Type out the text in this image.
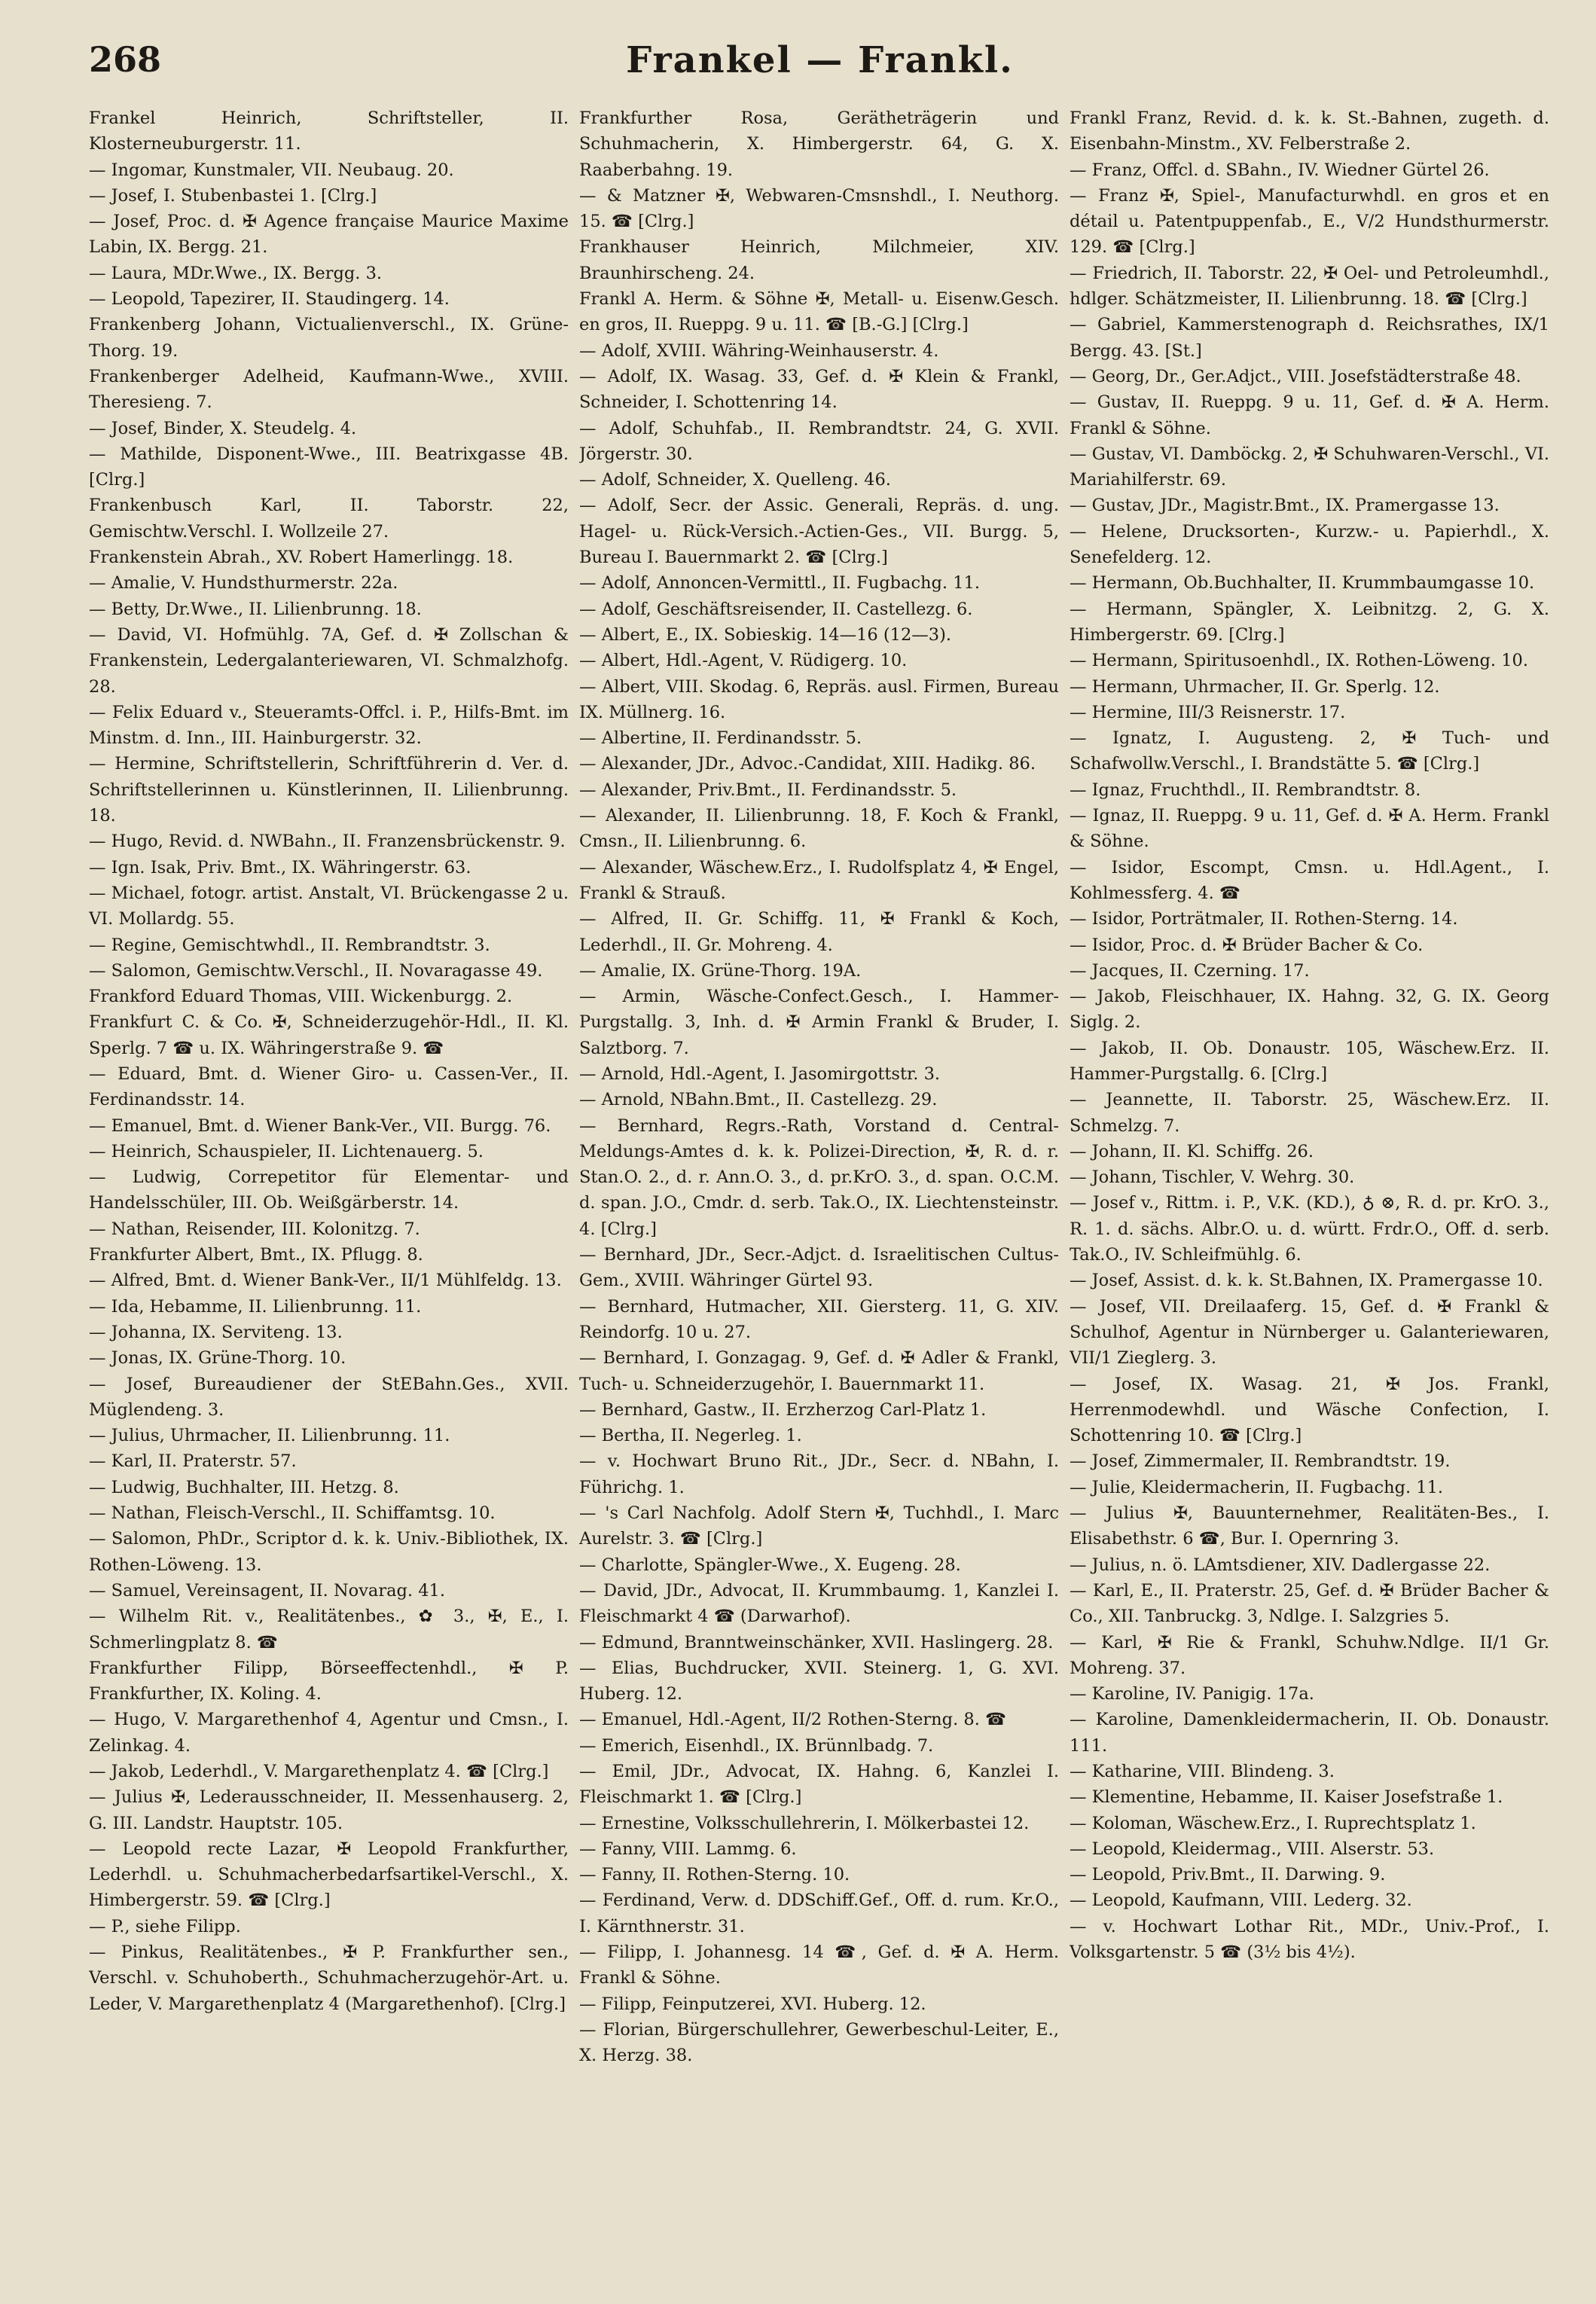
268	Frankel — Frankl.
Frankel Heinrich, Schriftsteller, II. Klosterneuburgerstr. 11.
— Ingomar, Kunstmaler, VII. Neubaug. 20.
— Josef, I. Stubenbastei 1. [Clrg.]
— Josef, Proc. d. ✠ Agence française Maurice Maxime Labin, IX. Bergg. 21.
— Laura, MDr.Wwe., IX. Bergg. 3.
— Leopold, Tapezirer, II. Staudingerg. 14.
Frankenberg Johann, Victualienverschl., IX. Grüne-Thorg. 19.
Frankenberger Adelheid, Kaufmann-Wwe., XVIII. Theresieng. 7.
— Josef, Binder, X. Steudelg. 4.
— Mathilde, Disponent-Wwe., III. Beatrixgasse 4B. [Clrg.]
Frankenbusch Karl, II. Taborstr. 22, Gemischtw.Verschl. I. Wollzeile 27.
Frankenstein Abrah., XV. Robert Hamerlingg. 18.
— Amalie, V. Hundsthurmerstr. 22a.
— Betty, Dr.Wwe., II. Lilienbrunng. 18.
— David, VI. Hofmühlg. 7A, Gef. d. ✠ Zollschan & Frankenstein, Ledergalanteriewaren, VI. Schmalzhofg. 28.
— Felix Eduard v., Steueramts-Offcl. i. P., Hilfs-Bmt. im Minstm. d. Inn., III. Hainburgerstr. 32.
— Hermine, Schriftstellerin, Schriftführerin d. Ver. d. Schriftstellerinnen u. Künstlerinnen, II. Lilienbrunng. 18.
— Hugo, Revid. d. NWBahn., II. Franzensbrückenstr. 9.
— Ign. Isak, Priv. Bmt., IX. Währingerstr. 63.
— Michael, fotogr. artist. Anstalt, VI. Brückengasse 2 u. VI. Mollardg. 55.
— Regine, Gemischtwhdl., II. Rembrandtstr. 3.
— Salomon, Gemischtw.Verschl., II. Novaragasse 49.
Frankford Eduard Thomas, VIII. Wickenburgg. 2.
Frankfurt C. & Co. ✠, Schneiderzugehör-Hdl., II. Kl. Sperlg. 7 ☎ u. IX. Währingerstraße 9. ☎
— Eduard, Bmt. d. Wiener Giro- u. Cassen-Ver., II. Ferdinandsstr. 14.
— Emanuel, Bmt. d. Wiener Bank-Ver., VII. Burgg. 76.
— Heinrich, Schauspieler, II. Lichtenauerg. 5.
— Ludwig, Correpetitor für Elementar- und Handelsschüler, III. Ob. Weißgärberstr. 14.
— Nathan, Reisender, III. Kolonitzg. 7.
Frankfurter Albert, Bmt., IX. Pflugg. 8.
— Alfred, Bmt. d. Wiener Bank-Ver., II/1 Mühlfeldg. 13.
— Ida, Hebamme, II. Lilienbrunng. 11.
— Johanna, IX. Serviteng. 13.
— Jonas, IX. Grüne-Thorg. 10.
— Josef, Bureaudiener der StEBahn.Ges., XVII. Müglendeng. 3.
— Julius, Uhrmacher, II. Lilienbrunng. 11.
— Karl, II. Praterstr. 57.
— Ludwig, Buchhalter, III. Hetzg. 8.
— Nathan, Fleisch-Verschl., II. Schiffamtsg. 10.
— Salomon, PhDr., Scriptor d. k. k. Univ.-Bibliothek, IX. Rothen-Löweng. 13.
— Samuel, Vereinsagent, II. Novarag. 41.
— Wilhelm Rit. v., Realitätenbes., ✿ 3., ✠, E., I. Schmerlingplatz 8. ☎
Frankfurther Filipp, Börseeffectenhdl., ✠ P. Frankfurther, IX. Koling. 4.
— Hugo, V. Margarethenhof 4, Agentur und Cmsn., I. Zelinkag. 4.
— Jakob, Lederhdl., V. Margarethenplatz 4. ☎ [Clrg.]
— Julius ✠, Lederausschneider, II. Messenhauserg. 2, G. III. Landstr. Hauptstr. 105.
— Leopold recte Lazar, ✠ Leopold Frankfurther, Lederhdl. u. Schuhmacherbedarfsartikel-Verschl., X. Himbergerstr. 59. ☎ [Clrg.]
— P., siehe Filipp.
— Pinkus, Realitätenbes., ✠ P. Frankfurther sen., Verschl. v. Schuhoberth., Schuhmacherzugehör-Art. u. Leder, V. Margarethenplatz 4 (Margarethenhof). [Clrg.]
Frankfurther Rosa, Gerätheträgerin und Schuhmacherin, X. Himbergerstr. 64, G. X. Raaberbahng. 19.
— & Matzner ✠, Webwaren-Cmsnshdl., I. Neuthorg. 15. ☎ [Clrg.]
Frankhauser Heinrich, Milchmeier, XIV. Braunhirscheng. 24.
Frankl A. Herm. & Söhne ✠, Metall- u. Eisenw.Gesch. en gros, II. Rueppg. 9 u. 11. ☎ [B.-G.] [Clrg.]
— Adolf, XVIII. Währing-Weinhauserstr. 4.
— Adolf, IX. Wasag. 33, Gef. d. ✠ Klein & Frankl, Schneider, I. Schottenring 14.
— Adolf, Schuhfab., II. Rembrandtstr. 24, G. XVII. Jörgerstr. 30.
— Adolf, Schneider, X. Quelleng. 46.
— Adolf, Secr. der Assic. Generali, Repräs. d. ung. Hagel- u. Rück-Versich.-Actien-Ges., VII. Burgg. 5, Bureau I. Bauernmarkt 2. ☎ [Clrg.]
— Adolf, Annoncen-Vermittl., II. Fugbachg. 11.
— Adolf, Geschäftsreisender, II. Castellezg. 6.
— Albert, E., IX. Sobieskig. 14—16 (12—3).
— Albert, Hdl.-Agent, V. Rüdigerg. 10.
— Albert, VIII. Skodag. 6, Repräs. ausl. Firmen, Bureau IX. Müllnerg. 16.
— Albertine, II. Ferdinandsstr. 5.
— Alexander, JDr., Advoc.-Candidat, XIII. Hadikg. 86.
— Alexander, Priv.Bmt., II. Ferdinandsstr. 5.
— Alexander, II. Lilienbrunng. 18, F. Koch & Frankl, Cmsn., II. Lilienbrunng. 6.
— Alexander, Wäschew.Erz., I. Rudolfsplatz 4, ✠ Engel, Frankl & Strauß.
— Alfred, II. Gr. Schiffg. 11, ✠ Frankl & Koch, Lederhdl., II. Gr. Mohreng. 4.
— Amalie, IX. Grüne-Thorg. 19A.
— Armin, Wäsche-Confect.Gesch., I. Hammer-Purgstallg. 3, Inh. d. ✠ Armin Frankl & Bruder, I. Salztborg. 7.
— Arnold, Hdl.-Agent, I. Jasomirgottstr. 3.
— Arnold, NBahn.Bmt., II. Castellezg. 29.
— Bernhard, Regrs.-Rath, Vorstand d. Central-Meldungs-Amtes d. k. k. Polizei-Direction, ✠, R. d. r. Stan.O. 2., d. r. Ann.O. 3., d. pr.KrO. 3., d. span. O.C.M. d. span. J.O., Cmdr. d. serb. Tak.O., IX. Liechtensteinstr. 4. [Clrg.]
— Bernhard, JDr., Secr.-Adjct. d. Israelitischen Cultus-Gem., XVIII. Währinger Gürtel 93.
— Bernhard, Hutmacher, XII. Giersterg. 11, G. XIV. Reindorfg. 10 u. 27.
— Bernhard, I. Gonzagag. 9, Gef. d. ✠ Adler & Frankl, Tuch- u. Schneiderzugehör, I. Bauernmarkt 11.
— Bernhard, Gastw., II. Erzherzog Carl-Platz 1.
— Bertha, II. Negerleg. 1.
— v. Hochwart Bruno Rit., JDr., Secr. d. NBahn, I. Führichg. 1.
— 's Carl Nachfolg. Adolf Stern ✠, Tuchhdl., I. Marc Aurelstr. 3. ☎ [Clrg.]
— Charlotte, Spängler-Wwe., X. Eugeng. 28.
— David, JDr., Advocat, II. Krummbaumg. 1, Kanzlei I. Fleischmarkt 4 ☎ (Darwarhof).
— Edmund, Branntweinschänker, XVII. Haslingerg. 28.
— Elias, Buchdrucker, XVII. Steinerg. 1, G. XVI. Huberg. 12.
— Emanuel, Hdl.-Agent, II/2 Rothen-Sterng. 8. ☎
— Emerich, Eisenhdl., IX. Brünnlbadg. 7.
— Emil, JDr., Advocat, IX. Hahng. 6, Kanzlei I. Fleischmarkt 1. ☎ [Clrg.]
— Ernestine, Volksschullehrerin, I. Mölkerbastei 12.
— Fanny, VIII. Lammg. 6.
— Fanny, II. Rothen-Sterng. 10.
— Ferdinand, Verw. d. DDSchiff.Gef., Off. d. rum. Kr.O., I. Kärnthnerstr. 31.
— Filipp, I. Johannesg. 14 ☎, Gef. d. ✠ A. Herm. Frankl & Söhne.
— Filipp, Feinputzerei, XVI. Huberg. 12.
— Florian, Bürgerschullehrer, Gewerbeschul-Leiter, E., X. Herzg. 38.
Frankl Franz, Revid. d. k. k. St.-Bahnen, zugeth. d. Eisenbahn-Minstm., XV. Felberstraße 2.
— Franz, Offcl. d. SBahn., IV. Wiedner Gürtel 26.
— Franz ✠, Spiel-, Manufacturwhdl. en gros et en détail u. Patentpuppenfab., E., V/2 Hundsthurmerstr. 129. ☎ [Clrg.]
— Friedrich, II. Taborstr. 22, ✠ Oel- und Petroleumhdl., hdlger. Schätzmeister, II. Lilienbrunng. 18. ☎ [Clrg.]
— Gabriel, Kammerstenograph d. Reichsrathes, IX/1 Bergg. 43. [St.]
— Georg, Dr., Ger.Adjct., VIII. Josefstädterstraße 48.
— Gustav, II. Rueppg. 9 u. 11, Gef. d. ✠ A. Herm. Frankl & Söhne.
— Gustav, VI. Damböckg. 2, ✠ Schuhwaren-Verschl., VI. Mariahilferstr. 69.
— Gustav, JDr., Magistr.Bmt., IX. Pramergasse 13.
— Helene, Drucksorten-, Kurzw.- u. Papierhdl., X. Senefelderg. 12.
— Hermann, Ob.Buchhalter, II. Krummbaumgasse 10.
— Hermann, Spängler, X. Leibnitzg. 2, G. X. Himbergerstr. 69. [Clrg.]
— Hermann, Spiritusoenhdl., IX. Rothen-Löweng. 10.
— Hermann, Uhrmacher, II. Gr. Sperlg. 12.
— Hermine, III/3 Reisnerstr. 17.
— Ignatz, I. Augusteng. 2, ✠ Tuch- und Schafwollw.Verschl., I. Brandstätte 5. ☎ [Clrg.]
— Ignaz, Fruchthdl., II. Rembrandtstr. 8.
— Ignaz, II. Rueppg. 9 u. 11, Gef. d. ✠ A. Herm. Frankl & Söhne.
— Isidor, Escompt, Cmsn. u. Hdl.Agent., I. Kohlmessferg. 4. ☎
— Isidor, Porträtmaler, II. Rothen-Sterng. 14.
— Isidor, Proc. d. ✠ Brüder Bacher & Co.
— Jacques, II. Czerning. 17.
— Jakob, Fleischhauer, IX. Hahng. 32, G. IX. Georg Siglg. 2.
— Jakob, II. Ob. Donaustr. 105, Wäschew.Erz. II. Hammer-Purgstallg. 6. [Clrg.]
— Jeannette, II. Taborstr. 25, Wäschew.Erz. II. Schmelzg. 7.
— Johann, II. Kl. Schiffg. 26.
— Johann, Tischler, V. Wehrg. 30.
— Josef v., Rittm. i. P., V.K. (KD.), ♁ ⊗, R. d. pr. KrO. 3., R. 1. d. sächs. Albr.O. u. d. württ. Frdr.O., Off. d. serb. Tak.O., IV. Schleifmühlg. 6.
— Josef, Assist. d. k. k. St.Bahnen, IX. Pramergasse 10.
— Josef, VII. Dreilaaferg. 15, Gef. d. ✠ Frankl & Schulhof, Agentur in Nürnberger u. Galanteriewaren, VII/1 Zieglerg. 3.
— Josef, IX. Wasag. 21, ✠ Jos. Frankl, Herrenmodewhdl. und Wäsche Confection, I. Schottenring 10. ☎ [Clrg.]
— Josef, Zimmermaler, II. Rembrandtstr. 19.
— Julie, Kleidermacherin, II. Fugbachg. 11.
— Julius ✠, Bauunternehmer, Realitäten-Bes., I. Elisabethstr. 6 ☎, Bur. I. Opernring 3.
— Julius, n. ö. LAmtsdiener, XIV. Dadlergasse 22.
— Karl, E., II. Praterstr. 25, Gef. d. ✠ Brüder Bacher & Co., XII. Tanbruckg. 3, Ndlge. I. Salzgries 5.
— Karl, ✠ Rie & Frankl, Schuhw.Ndlge. II/1 Gr. Mohreng. 37.
— Karoline, IV. Panigig. 17a.
— Karoline, Damenkleidermacherin, II. Ob. Donaustr. 111.
— Katharine, VIII. Blindeng. 3.
— Klementine, Hebamme, II. Kaiser Josefstraße 1.
— Koloman, Wäschew.Erz., I. Ruprechtsplatz 1.
— Leopold, Kleidermag., VIII. Alserstr. 53.
— Leopold, Priv.Bmt., II. Darwing. 9.
— Leopold, Kaufmann, VIII. Lederg. 32.
— v. Hochwart Lothar Rit., MDr., Univ.-Prof., I. Volksgartenstr. 5 ☎ (3½ bis 4½).
